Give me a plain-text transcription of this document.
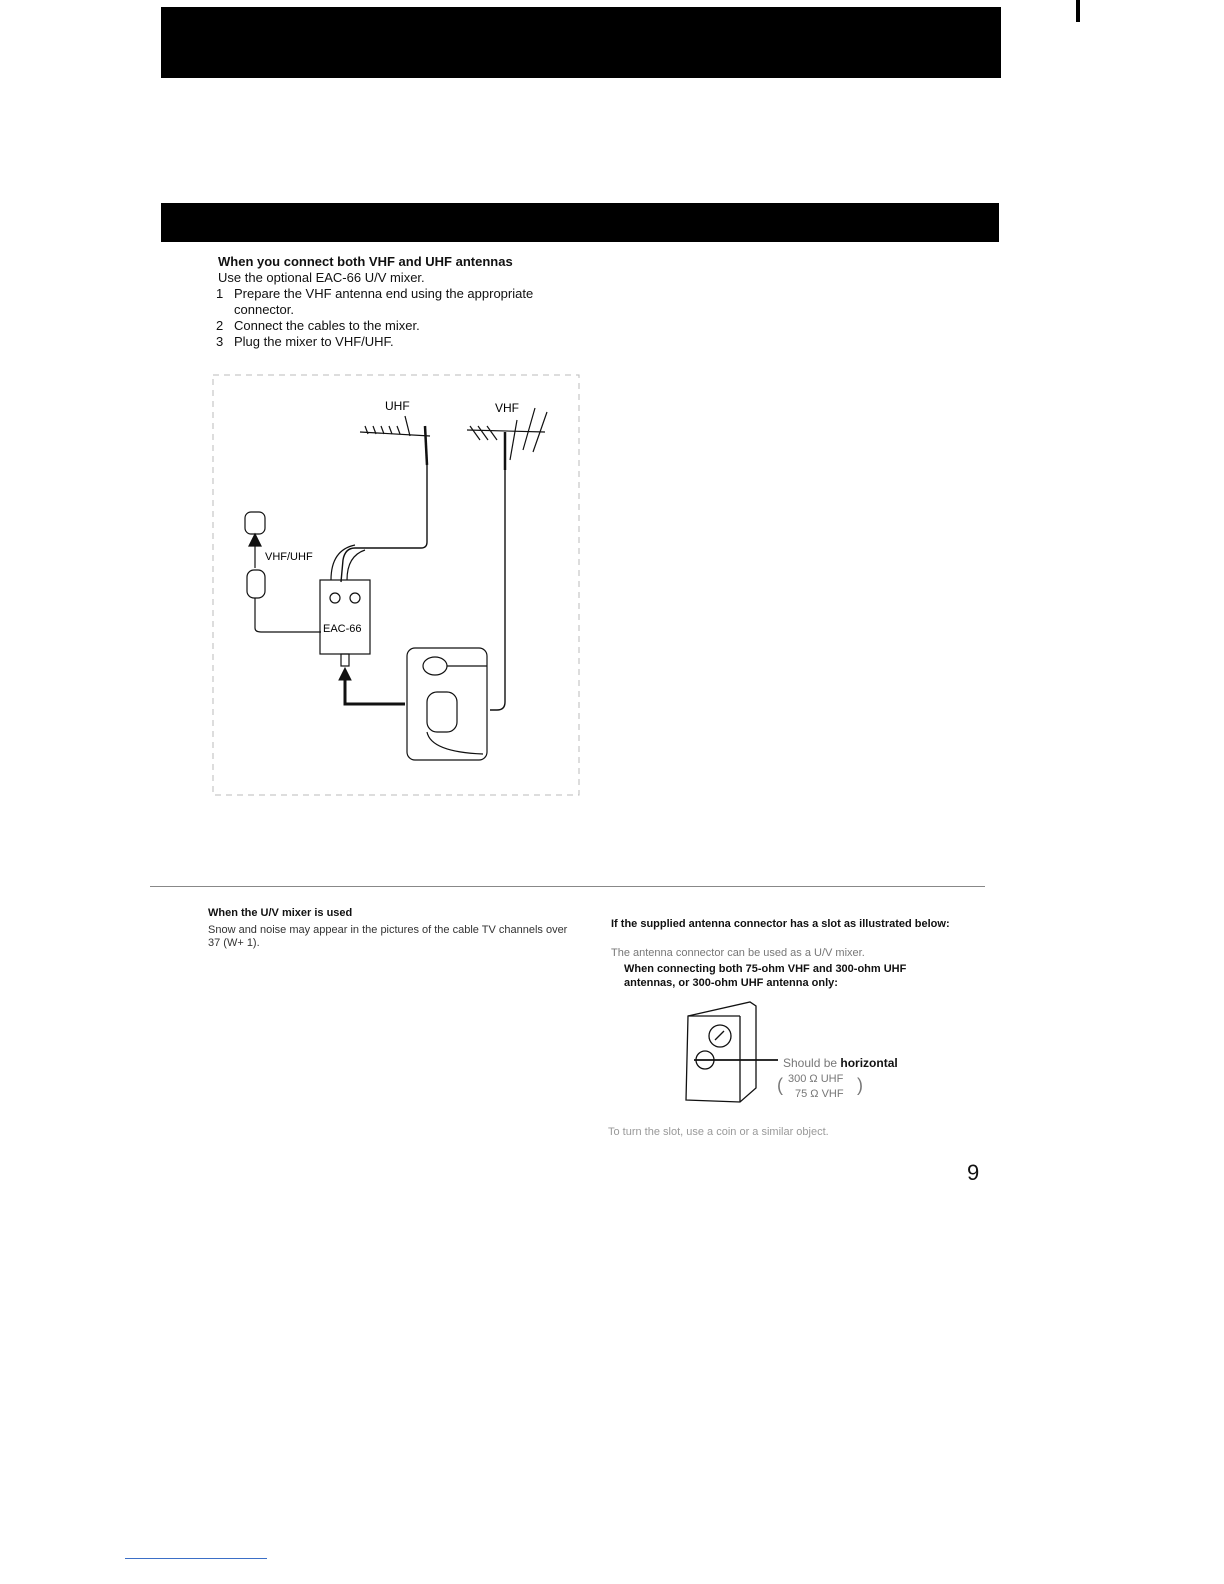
When you connect both VHF and UHF antennas
Use the optional EAC-66 U/V mixer.
1 Prepare the VHF antenna end using the appropriate connector.
2 Connect the cables to the mixer.
3 Plug the mixer to VHF/UHF.
UHF	VHF
VHF/UHF
EAC-66
When the U/V mixer is used
Snow and noise may appear in the pictures of the cable TV channels over 37 (W+ 1).
If the supplied antenna connector has a slot as illustrated below:
The antenna connector can be used as a U/V mixer.
When connecting both 75-ohm VHF and 300-ohm UHF antennas, or 300-ohm UHF antenna only:
Should be horizontal
( 300 Ω UHF
75 Ω VHF )
To turn the slot, use a coin or a similar object.
9
